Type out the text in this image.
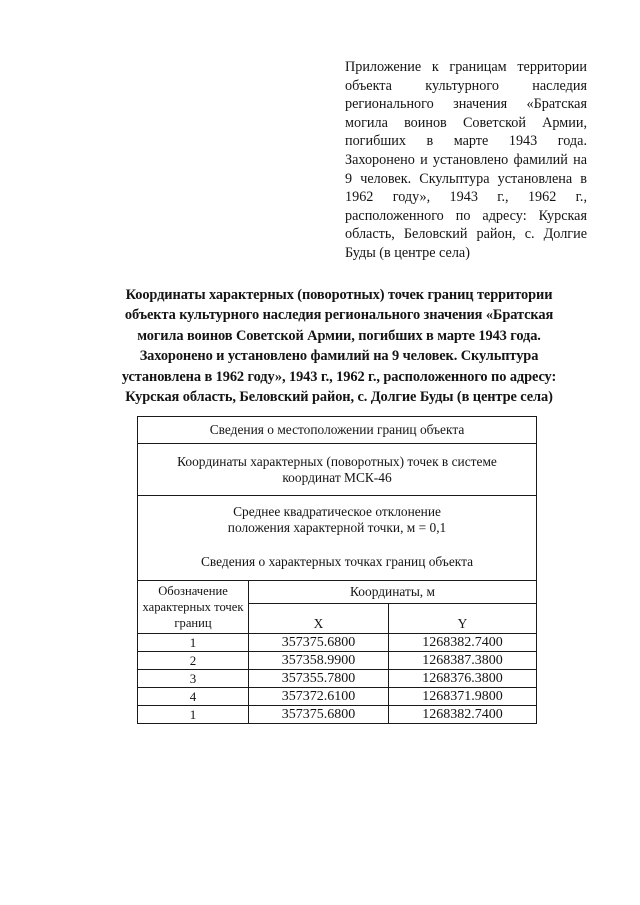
Приложение к границам территории объекта культурного наследия регионального значения «Братская могила воинов Советской Армии, погибших в марте 1943 года. Захоронено и установлено фамилий на 9 человек. Скульптура установлена в 1962 году», 1943 г., 1962 г., расположенного по адресу: Курская область, Беловский район, с. Долгие Буды (в центре села)
Координаты характерных (поворотных) точек границ территории объекта культурного наследия регионального значения «Братская могила воинов Советской Армии, погибших в марте 1943 года. Захоронено и установлено фамилий на 9 человек. Скульптура установлена в 1962 году», 1943 г., 1962 г., расположенного по адресу: Курская область, Беловский район, с. Долгие Буды (в центре села)
Сведения о местоположении границ объекта		
Координаты характерных (поворотных) точек в системе координат МСК-46		

Среднее квадратическое отклонение
положения характерной точки, м = 0,1
Сведения о характерных точках границ объекта		

Обозначение характерных точек границ	Координаты, м	
	X	Y
1	357375.6800	1268382.7400
2	357358.9900	1268387.3800
3	357355.7800	1268376.3800
4	357372.6100	1268371.9800
1	357375.6800	1268382.7400
